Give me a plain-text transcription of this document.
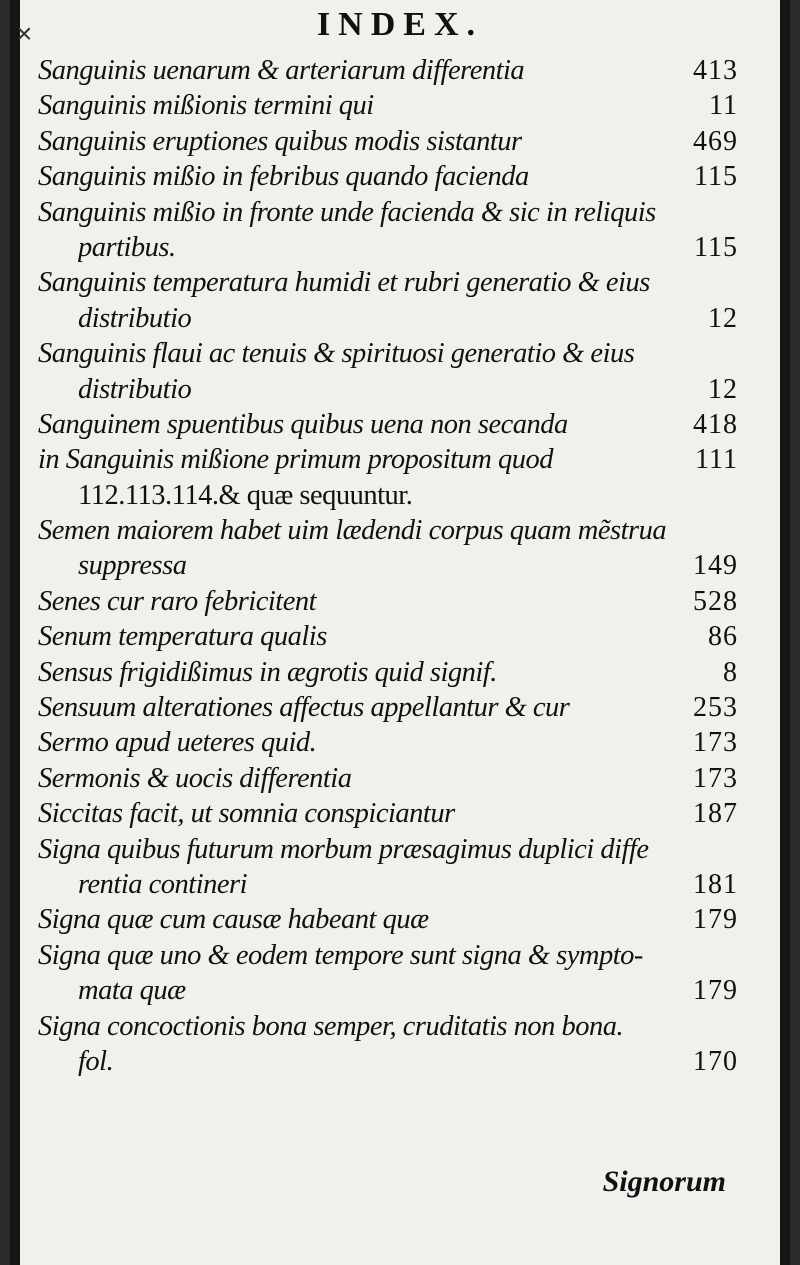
INDEX.
Sanguinis uenarum & arteriarum differentia	413
Sanguinis mißionis termini qui	11
Sanguinis eruptiones quibus modis sistantur	469
Sanguinis mißio in febribus quando facienda	115
Sanguinis mißio in fronte unde facienda & sic in reliquis
partibus.	115
Sanguinis temperatura humidi et rubri generatio & eius
distributio	12
Sanguinis flaui ac tenuis & spirituosi generatio & eius
distributio	12
Sanguinem spuentibus quibus uena non secanda	418
in Sanguinis mißione primum propositum quod	111
112.113.114.& quæ sequuntur.
Semen maiorem habet uim lædendi corpus quam mẽstrua
suppressa	149
Senes cur raro febricitent	528
Senum temperatura qualis	86
Sensus frigidißimus in ægrotis quid signif.	8
Sensuum alterationes affectus appellantur & cur	253
Sermo apud ueteres quid.	173
Sermonis & uocis differentia	173
Siccitas facit, ut somnia conspiciantur	187
Signa quibus futurum morbum præsagimus duplici diffe
rentia contineri	181
Signa quæ cum causæ habeant quæ	179
Signa quæ uno & eodem tempore sunt signa & sympto-
mata quæ	179
Signa concoctionis bona semper, cruditatis non bona.
fol.	170
Signorum
×
